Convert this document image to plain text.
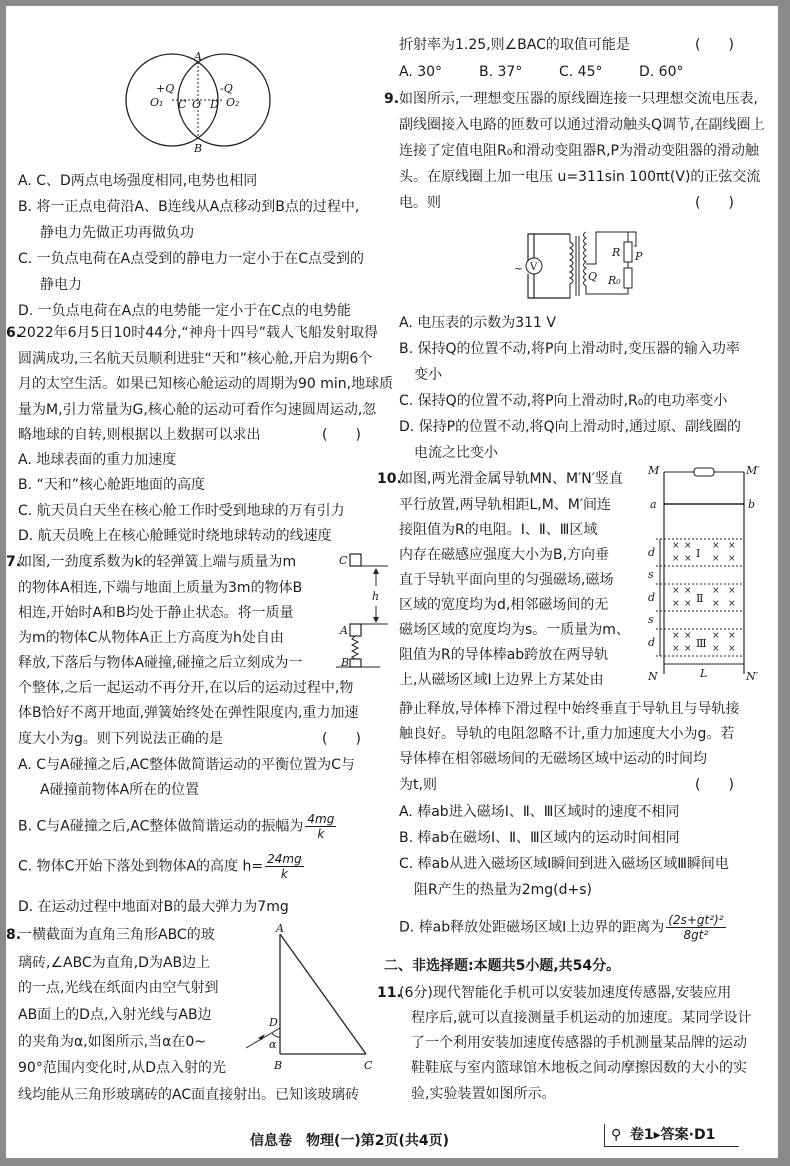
A
B
+Q	-Q
O₁ C O D O₂
A. C、D两点电场强度相同,电势也相同
B. 将一正点电荷沿A、B连线从A点移动到B点的过程中,
静电力先做正功再做负功
C. 一负点电荷在A点受到的静电力一定小于在C点受到的
静电力
D. 一负点电荷在A点的电势能一定小于在C点的电势能
6.
2022年6月5日10时44分,“神舟十四号”载人飞船发射取得
圆满成功,三名航天员顺利进驻“天和”核心舱,开启为期6个
月的太空生活。如果已知核心舱运动的周期为90 min,地球质
量为M,引力常量为G,核心舱的运动可看作匀速圆周运动,忽
略地球的自转,则根据以上数据可以求出	(　　)
A. 地球表面的重力加速度
B. “天和”核心舱距地面的高度
C. 航天员白天坐在核心舱工作时受到地球的万有引力
D. 航天员晚上在核心舱睡觉时绕地球转动的线速度
7.
如图,一劲度系数为k的轻弹簧上端与质量为m
的物体A相连,下端与地面上质量为3m的物体B
相连,开始时A和B均处于静止状态。将一质量
为m的物体C从物体A正上方高度为h处自由
释放,下落后与物体A碰撞,碰撞之后立刻成为一
个整体,之后一起运动不再分开,在以后的运动过程中,物
体B恰好不离开地面,弹簧始终处在弹性限度内,重力加速
度大小为g。则下列说法正确的是	(　　)
C
h
A
B
A. C与A碰撞之后,AC整体做简谐运动的平衡位置为C与
A碰撞前物体A所在的位置
B. C与A碰撞之后,AC整体做简谐运动的振幅为 $\frac{4mg}{k}$
C. 物体C开始下落处到物体A的高度 $h= \frac{24mg}{k}$
D. 在运动过程中地面对B的最大弹力为7mg
8.
一横截面为直角三角形ABC的玻
璃砖,∠ABC为直角,D为AB边上
的一点,光线在纸面内由空气射到
AB面上的D点,入射光线与AB边
的夹角为α,如图所示,当α在0~
90°范围内变化时,从D点入射的光
线均能从三角形玻璃砖的AC面直接射出。已知该玻璃砖
A
D
α
B	C
折射率为1.25,则∠BAC的取值可能是	(　　)
A. 30°	B. 37°	C. 45°	D. 60°
9. 如图所示,一理想变压器的原线圈连接一只理想交流电压表,
副线圈接入电路的匝数可以通过滑动触头Q调节,在副线圈上
连接了定值电阻R₀和滑动变阻器R,P为滑动变阻器的滑动触
头。在原线圈上加一电压 u=311sin 100πt(V)的正弦交流
电。则	(　　)
V
~
Q
R P
R₀
A. 电压表的示数为311 V
B. 保持Q的位置不动,将P向上滑动时,变压器的输入功率
变小
C. 保持Q的位置不动,将P向上滑动时,R₀的电功率变小
D. 保持P的位置不动,将Q向上滑动时,通过原、副线圈的
电流之比变小
10.
如图,两光滑金属导轨MN、M′N′竖直
平行放置,两导轨相距L,M、M′间连
接阻值为R的电阻。Ⅰ、Ⅱ、Ⅲ区域
内存在磁感应强度大小为B,方向垂
直于导轨平面向里的匀强磁场,磁场
区域的宽度均为d,相邻磁场间的无
磁场区域的宽度均为s。一质量为m、
阻值为R的导体棒ab跨放在两导轨
上,从磁场区域Ⅰ上边界上方某处由
静止释放,导体棒下滑过程中始终垂直于导轨且与导轨接
触良好。导轨的电阻忽略不计,重力加速度大小为g。若
导体棒在相邻磁场间的无磁场区域中运动的时间均
为t,则	(　　)
× × × ×
× × × ×
× × × ×
× × × ×
× × × ×
× × × ×
M	M′
a	b
d
s
d
s
d
Ⅰ
Ⅱ
Ⅲ
L
N	N′
A. 棒ab进入磁场Ⅰ、Ⅱ、Ⅲ区域时的速度不相同
B. 棒ab在磁场Ⅰ、Ⅱ、Ⅲ区域内的运动时间相同
C. 棒ab从进入磁场区域Ⅰ瞬间到进入磁场区域Ⅲ瞬间电
阻R产生的热量为2mg(d+s)
D. 棒ab释放处距磁场区域Ⅰ上边界的距离为 $\frac{\text{(2s+gt²)²}}{\text{8gt²}}$
二、非选择题:本题共5小题,共54分。
11.
(6分)现代智能化手机可以安装加速度传感器,安装应用
程序后,就可以直接测量手机运动的加速度。某同学设计
了一个利用安装加速度传感器的手机测量某品牌的运动
鞋鞋底与室内篮球馆木地板之间动摩擦因数的大小的实
验,实验装置如图所示。
信息卷　物理(一)第2页(共4页)	⚲ 卷1▸答案·D1
